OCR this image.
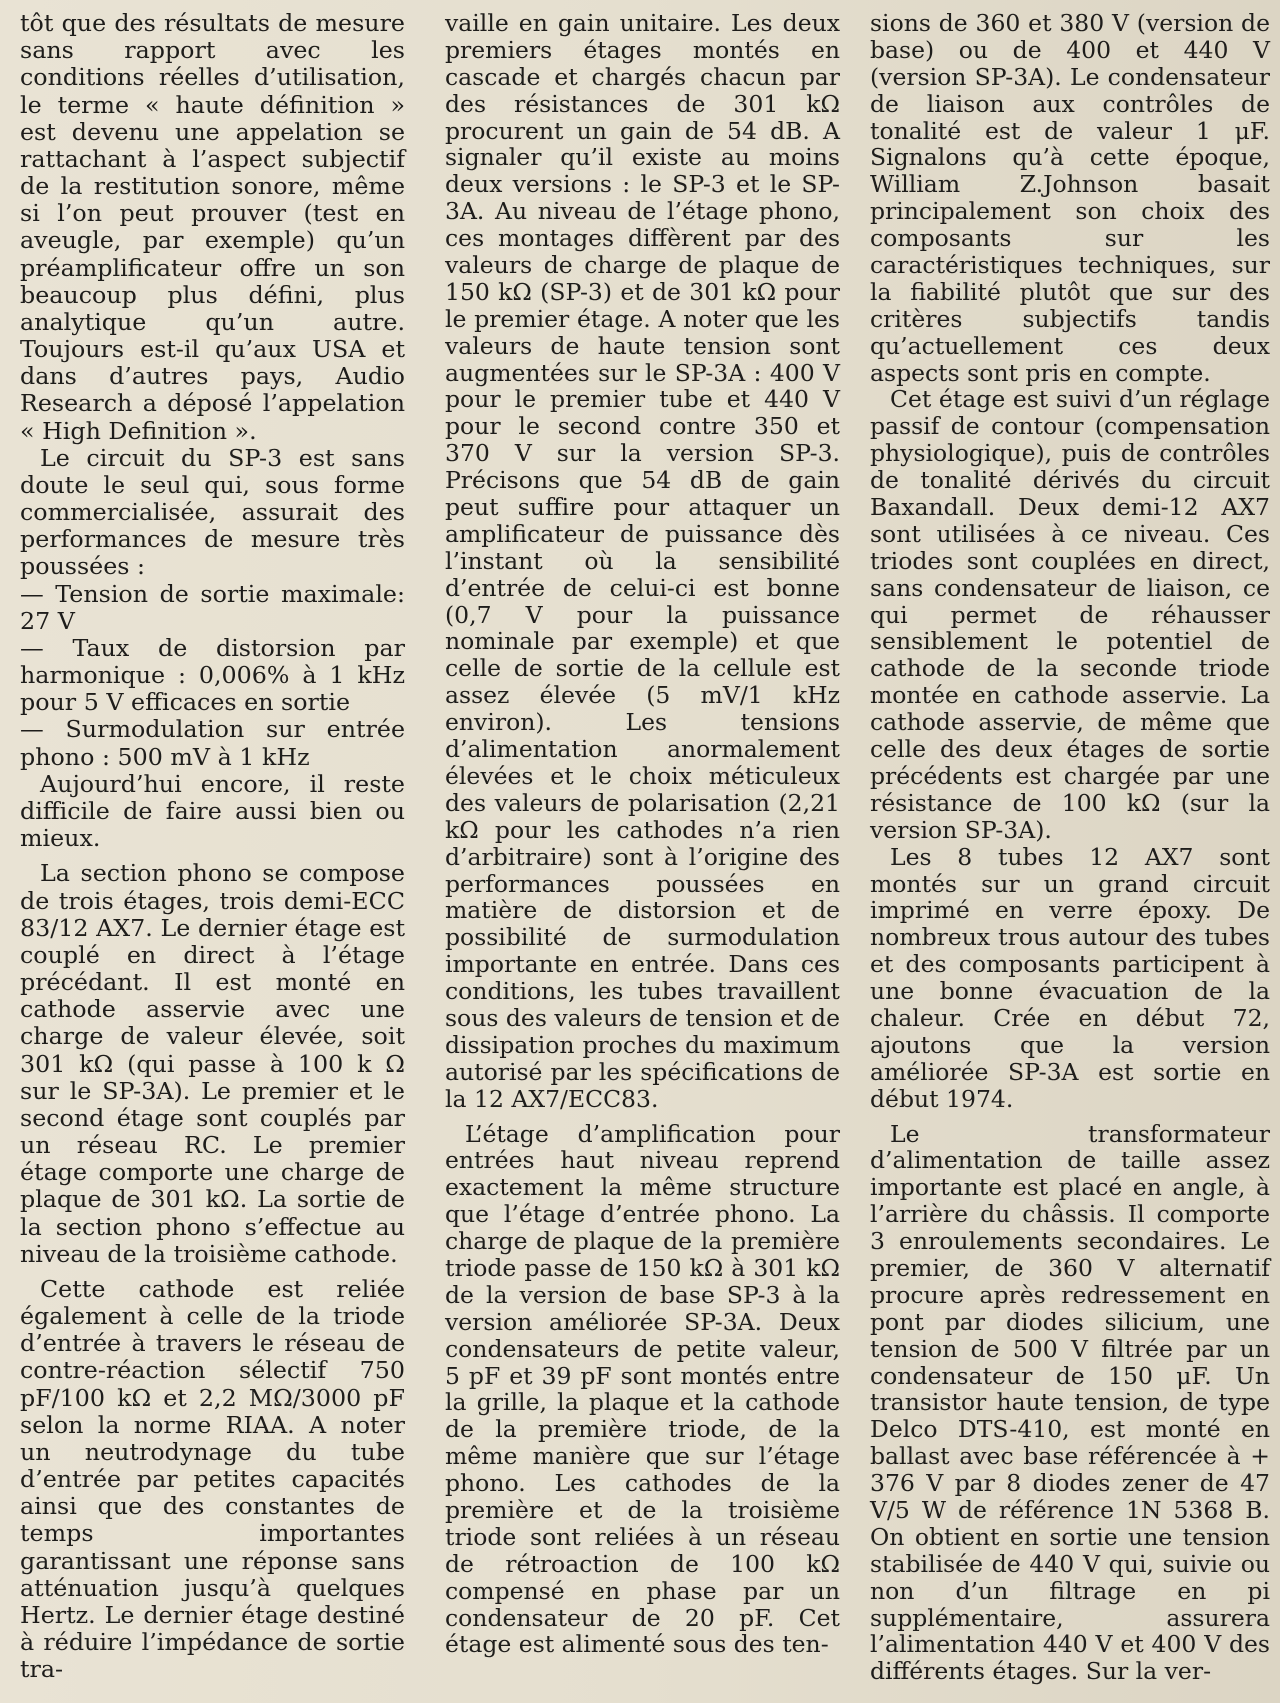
tôt que des résultats de mesure sans rapport avec les conditions réelles d’utilisation, le terme « haute définition » est devenu une appelation se rattachant à l’aspect subjectif de la restitution sonore, même si l’on peut prouver (test en aveugle, par exemple) qu’un préamplificateur offre un son beaucoup plus défini, plus analytique qu’un autre. Toujours est-il qu’aux USA et dans d’autres pays, Audio Research a déposé l’appelation « High Definition ».

Le circuit du SP-3 est sans doute le seul qui, sous forme commercialisée, assurait des performances de mesure très poussées :

— Tension de sortie maximale: 27 V

— Taux de distorsion par harmonique : 0,006% à 1 kHz pour 5 V efficaces en sortie

— Surmodulation sur entrée phono : 500 mV à 1 kHz

Aujourd’hui encore, il reste difficile de faire aussi bien ou mieux.

La section phono se compose de trois étages, trois demi-ECC 83/12 AX7. Le dernier étage est couplé en direct à l’étage précédant. Il est monté en cathode asservie avec une charge de valeur élevée, soit 301 kΩ (qui passe à 100 k Ω sur le SP-3A). Le premier et le second étage sont couplés par un réseau RC. Le premier étage comporte une charge de plaque de 301 kΩ. La sortie de la section phono s’effectue au niveau de la troisième cathode.

Cette cathode est reliée également à celle de la triode d’entrée à travers le réseau de contre-réaction sélectif 750 pF/100 kΩ et 2,2 MΩ/3000 pF selon la norme RIAA. A noter un neutrodynage du tube d’entrée par petites capacités ainsi que des constantes de temps importantes garantissant une réponse sans atténuation jusqu’à quelques Hertz. Le dernier étage destiné à réduire l’impédance de sortie tra-

vaille en gain unitaire. Les deux premiers étages montés en cascade et chargés chacun par des résistances de 301 kΩ procurent un gain de 54 dB. A signaler qu’il existe au moins deux versions : le SP-3 et le SP-3A. Au niveau de l’étage phono, ces montages diffèrent par des valeurs de charge de plaque de 150 kΩ (SP-3) et de 301 kΩ pour le premier étage. A noter que les valeurs de haute tension sont augmentées sur le SP-3A : 400 V pour le premier tube et 440 V pour le second contre 350 et 370 V sur la version SP-3. Précisons que 54 dB de gain peut suffire pour attaquer un amplificateur de puissance dès l’instant où la sensibilité d’entrée de celui-ci est bonne (0,7 V pour la puissance nominale par exemple) et que celle de sortie de la cellule est assez élevée (5 mV/1 kHz environ). Les tensions d’alimentation anormalement élevées et le choix méticuleux des valeurs de polarisation (2,21 kΩ pour les cathodes n’a rien d’arbitraire) sont à l’origine des performances poussées en matière de distorsion et de possibilité de surmodulation importante en entrée. Dans ces conditions, les tubes travaillent sous des valeurs de tension et de dissipation proches du maximum autorisé par les spécifications de la 12 AX7/ECC83.

L’étage d’amplification pour entrées haut niveau reprend exactement la même structure que l’étage d’entrée phono. La charge de plaque de la première triode passe de 150 kΩ à 301 kΩ de la version de base SP-3 à la version améliorée SP-3A. Deux condensateurs de petite valeur, 5 pF et 39 pF sont montés entre la grille, la plaque et la cathode de la première triode, de la même manière que sur l’étage phono. Les cathodes de la première et de la troisième triode sont reliées à un réseau de rétroaction de 100 kΩ compensé en phase par un condensateur de 20 pF. Cet étage est alimenté sous des ten-

sions de 360 et 380 V (version de base) ou de 400 et 440 V (version SP-3A). Le condensateur de liaison aux contrôles de tonalité est de valeur 1 μF. Signalons qu’à cette époque, William Z.Johnson basait principalement son choix des composants sur les caractéristiques techniques, sur la fiabilité plutôt que sur des critères subjectifs tandis qu’actuellement ces deux aspects sont pris en compte.

Cet étage est suivi d’un réglage passif de contour (compensation physiologique), puis de contrôles de tonalité dérivés du circuit Baxandall. Deux demi-12 AX7 sont utilisées à ce niveau. Ces triodes sont couplées en direct, sans condensateur de liaison, ce qui permet de réhausser sensiblement le potentiel de cathode de la seconde triode montée en cathode asservie. La cathode asservie, de même que celle des deux étages de sortie précédents est chargée par une résistance de 100 kΩ (sur la version SP-3A).

Les 8 tubes 12 AX7 sont montés sur un grand circuit imprimé en verre époxy. De nombreux trous autour des tubes et des composants participent à une bonne évacuation de la chaleur. Crée en début 72, ajoutons que la version améliorée SP-3A est sortie en début 1974.

Le transformateur d’alimentation de taille assez importante est placé en angle, à l’arrière du châssis. Il comporte 3 enroulements secondaires. Le premier, de 360 V alternatif procure après redressement en pont par diodes silicium, une tension de 500 V filtrée par un condensateur de 150 μF. Un transistor haute tension, de type Delco DTS-410, est monté en ballast avec base référencée à + 376 V par 8 diodes zener de 47 V/5 W de référence 1N 5368 B. On obtient en sortie une tension stabilisée de 440 V qui, suivie ou non d’un filtrage en pi supplémentaire, assurera l’alimentation 440 V et 400 V des différents étages. Sur la ver-
